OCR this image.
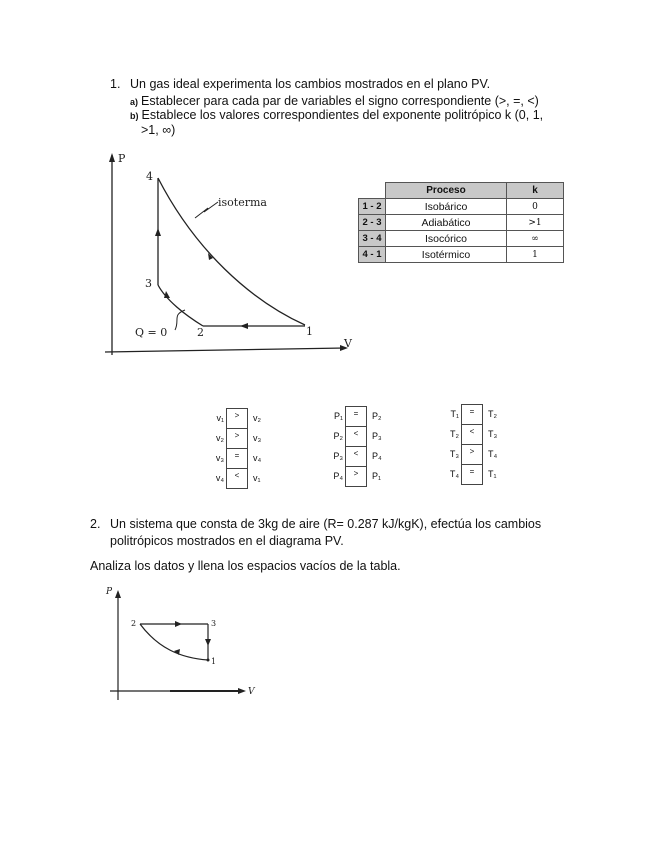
1. Un gas ideal experimenta los cambios mostrados en el plano PV.
a) Establecer para cada par de variables el signo correspondiente (>, =, <)
b) Establece los valores correspondientes del exponente politrópico k (0, 1,
>1, ∞)
P
V
isoterma
Q = 0	1
2
3
4
	Proceso	k
1 - 2	Isobárico	0
2 - 3	Adiabático	>1
3 - 4	Isocórico	∞
4 - 1	Isotérmico	1
v₁	>	v₂
v₂	>	v₃
v₃	=	v₄
v₄	<	v₁
P₁	=	P₂
P₂	<	P₃
P₃	<	P₄
P₄	>	P₁
T₁	=	T₂
T₂	<	T₃
T₃	>	T₄
T₄	=	T₁
2. Un sistema que consta de 3kg de aire (R= 0.287 kJ/kgK), efectúa los cambios
politrópicos mostrados en el diagrama PV.
Analiza los datos y llena los espacios vacíos de la tabla.
P
V
1
2	3
